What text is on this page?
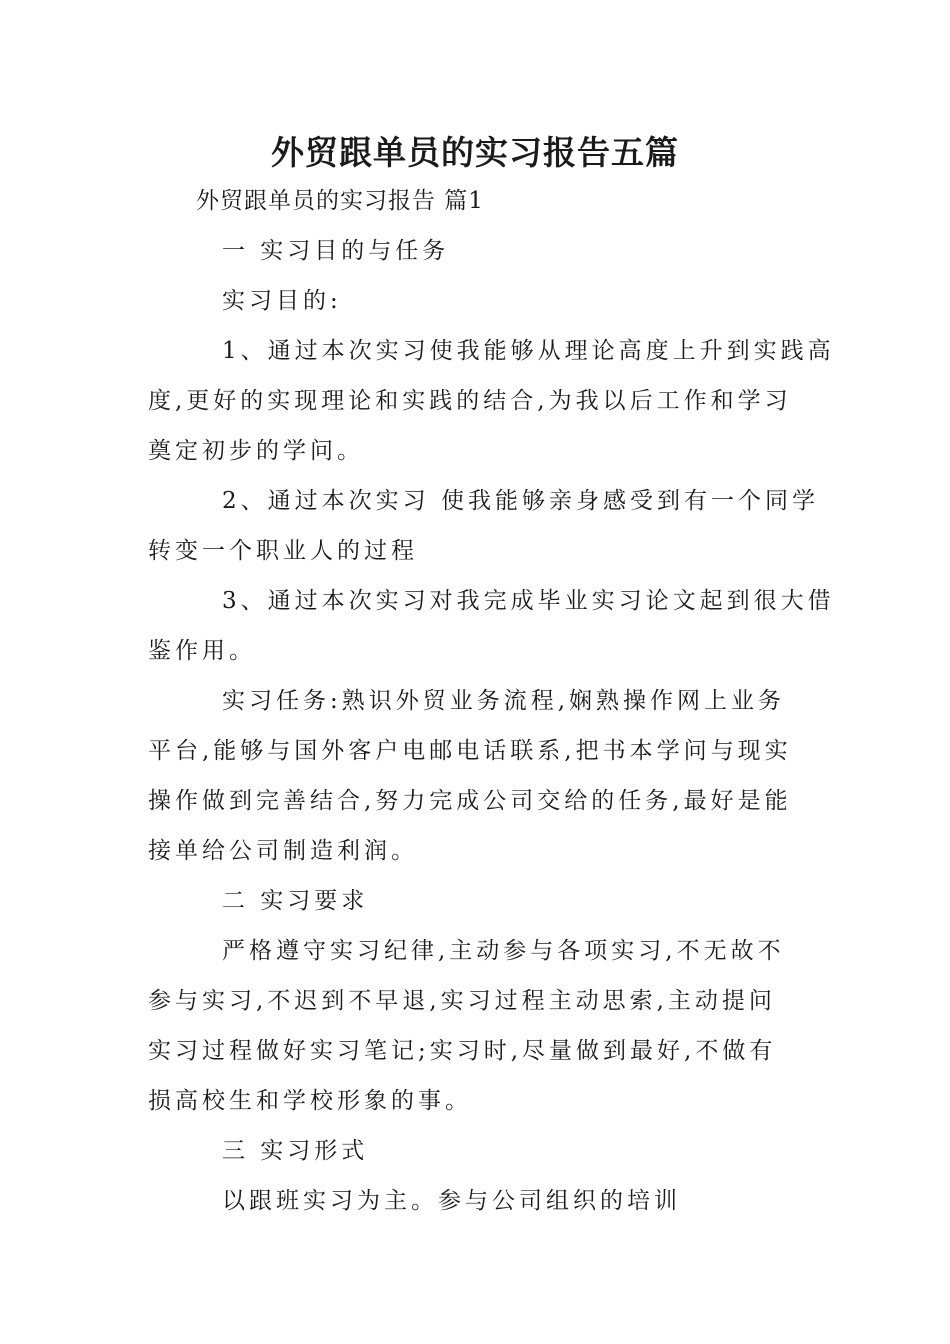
外贸跟单员的实习报告五篇

外贸跟单员的实习报告 篇1

一 实习目的与任务

实习目的:

1、通过本次实习使我能够从理论高度上升到实践高

度,更好的实现理论和实践的结合,为我以后工作和学习

奠定初步的学问。

2、通过本次实习 使我能够亲身感受到有一个同学

转变一个职业人的过程

3、通过本次实习对我完成毕业实习论文起到很大借

鉴作用。

实习任务:熟识外贸业务流程,娴熟操作网上业务

平台,能够与国外客户电邮电话联系,把书本学问与现实

操作做到完善结合,努力完成公司交给的任务,最好是能

接单给公司制造利润。

二 实习要求

严格遵守实习纪律,主动参与各项实习,不无故不

参与实习,不迟到不早退,实习过程主动思索,主动提问

实习过程做好实习笔记;实习时,尽量做到最好,不做有

损高校生和学校形象的事。

三 实习形式

以跟班实习为主。参与公司组织的培训
